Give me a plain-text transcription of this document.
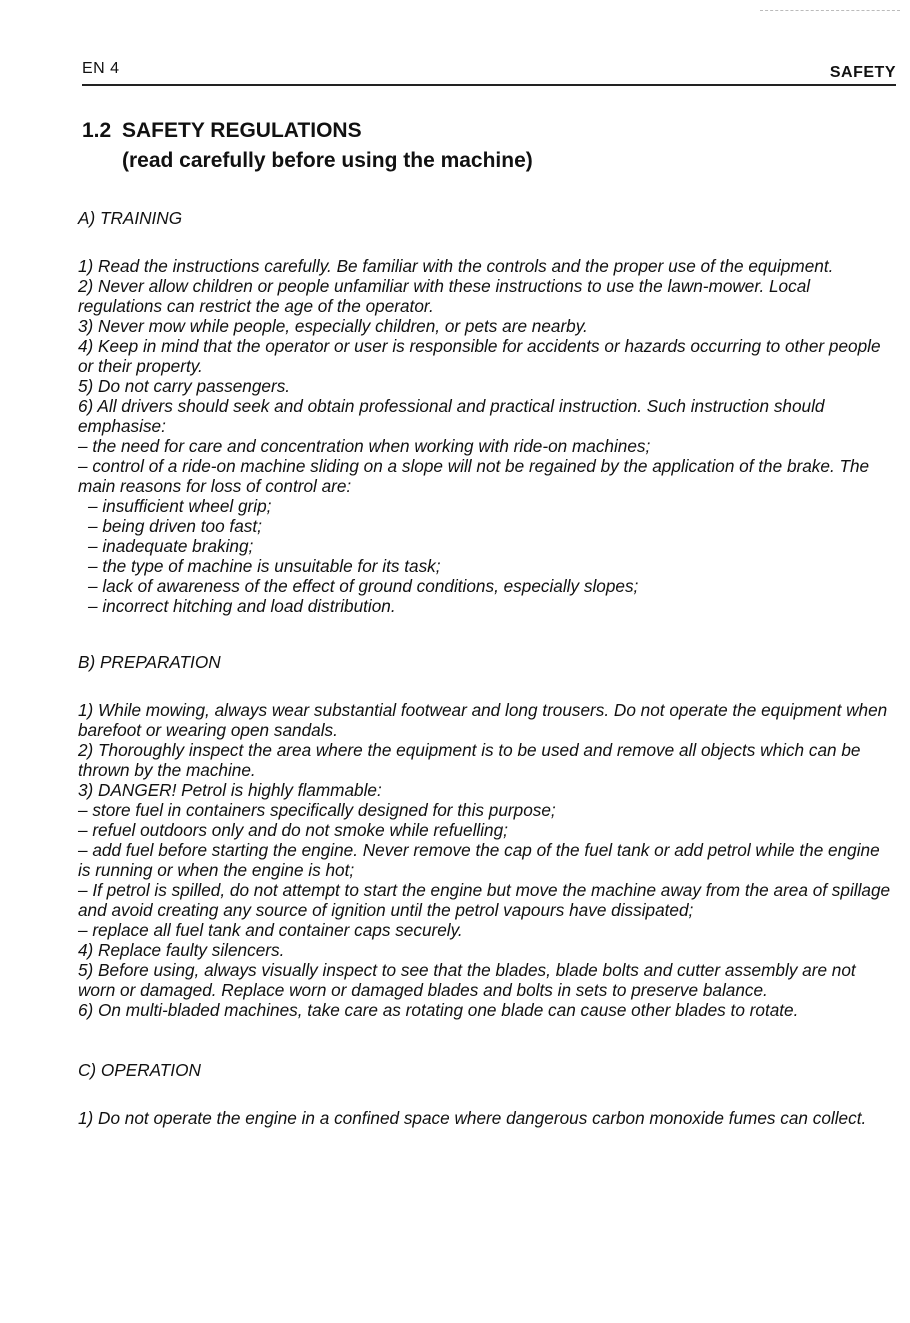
EN 4	SAFETY
1.2 SAFETY REGULATIONS
(read carefully before using the machine)

A) TRAINING

1) Read the instructions carefully. Be familiar with the controls and the proper use of the equipment.

2) Never allow children or people unfamiliar with these instructions to use the lawn-mower. Local regulations can restrict the age of the operator.

3) Never mow while people, especially children, or pets are nearby.

4) Keep in mind that the operator or user is responsible for accidents or hazards occurring to other people or their property.

5) Do not carry passengers.

6) All drivers should seek and obtain professional and practical instruction. Such instruction should emphasise:

– the need for care and concentration when working with ride-on machines;

– control of a ride-on machine sliding on a slope will not be regained by the application of the brake. The main reasons for loss of control are:

– insufficient wheel grip;

– being driven too fast;

– inadequate braking;

– the type of machine is unsuitable for its task;

– lack of awareness of the effect of ground conditions, especially slopes;

– incorrect hitching and load distribution.

B) PREPARATION

1) While mowing, always wear substantial footwear and long trousers. Do not operate the equipment when barefoot or wearing open sandals.

2) Thoroughly inspect the area where the equipment is to be used and remove all objects which can be thrown by the machine.

3) DANGER! Petrol is highly flammable:

– store fuel in containers specifically designed for this purpose;

– refuel outdoors only and do not smoke while refuelling;

– add fuel before starting the engine. Never remove the cap of the fuel tank or add petrol while the engine is running or when the engine is hot;

– If petrol is spilled, do not attempt to start the engine but move the machine away from the area of spillage and avoid creating any source of ignition until the petrol vapours have dissipated;

– replace all fuel tank and container caps securely.

4) Replace faulty silencers.

5) Before using, always visually inspect to see that the blades, blade bolts and cutter assembly are not worn or damaged. Replace worn or damaged blades and bolts in sets to preserve balance.

6) On multi-bladed machines, take care as rotating one blade can cause other blades to rotate.

C) OPERATION

1) Do not operate the engine in a confined space where dangerous carbon monoxide fumes can collect.
